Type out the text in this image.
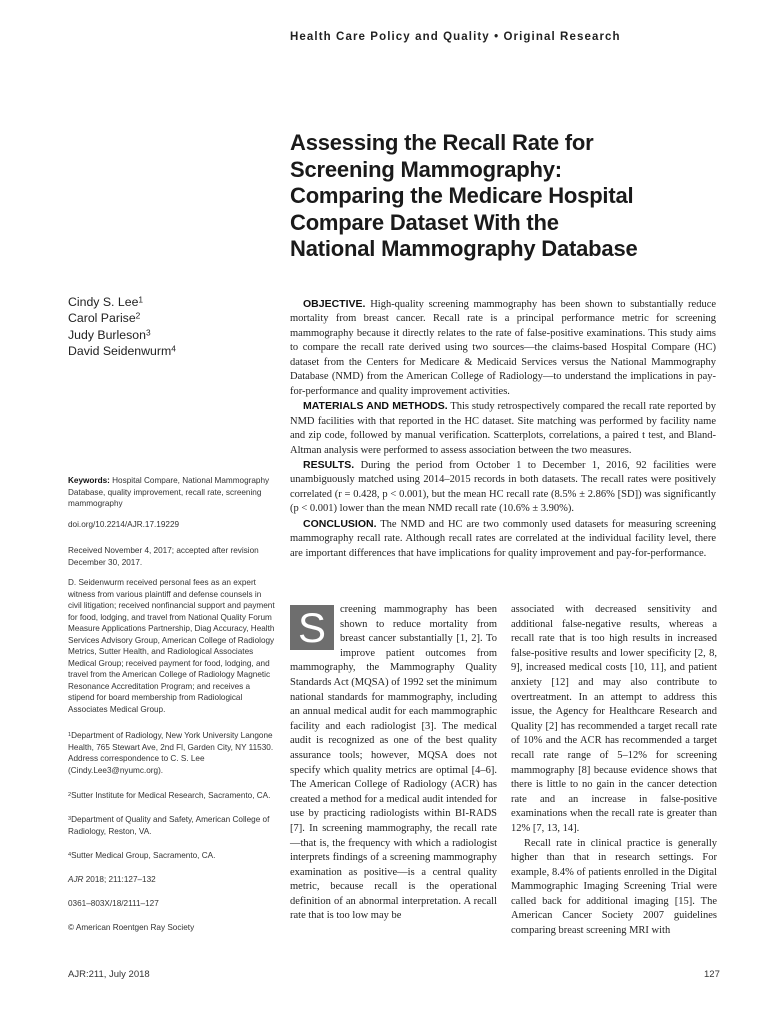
Health Care Policy and Quality • Original Research
Assessing the Recall Rate for
Screening Mammography:
Comparing the Medicare Hospital
Compare Dataset With the
National Mammography Database
Cindy S. Lee$^1$
Carol Parise$^2$
Judy Burleson$^3$
David Seidenwurm$^4$

OBJECTIVE. High-quality screening mammography has been shown to substantially reduce mortality from breast cancer. Recall rate is a principal performance metric for screening mammography because it directly relates to the rate of false-positive examinations. This study aims to compare the recall rate derived using two sources—the claims-based Hospital Compare (HC) dataset from the Centers for Medicare & Medicaid Services versus the National Mammography Database (NMD) from the American College of Radiology—to understand the implications in pay-for-performance and quality improvement activities.

MATERIALS AND METHODS. This study retrospectively compared the recall rate reported by NMD facilities with that reported in the HC dataset. Site matching was performed by facility name and zip code, followed by manual verification. Scatterplots, correlations, a paired t test, and Bland-Altman analysis were performed to assess association between the two measures.

RESULTS. During the period from October 1 to December 1, 2016, 92 facilities were unambiguously matched using 2014–2015 records in both datasets. The recall rates were positively correlated (r = 0.428, p < 0.001), but the mean HC recall rate (8.5% ± 2.86% [SD]) was significantly (p < 0.001) lower than the mean NMD recall rate (10.6% ± 3.90%).

CONCLUSION. The NMD and HC are two commonly used datasets for measuring screening mammography recall rate. Although recall rates are correlated at the individual facility level, there are important differences that have implications for quality improvement and pay-for-performance.

Keywords: Hospital Compare, National Mammography Database, quality improvement, recall rate, screening mammography

doi.org/10.2214/AJR.17.19229

Received November 4, 2017; accepted after revision December 30, 2017.

D. Seidenwurm received personal fees as an expert witness from various plaintiff and defense counsels in civil litigation; received nonfinancial support and payment for food, lodging, and travel from National Quality Forum Measure Applications Partnership, Diag Accuracy, Health Services Advisory Group, American College of Radiology Metrics, Sutter Health, and Radiological Associates Medical Group; received payment for food, lodging, and travel from the American College of Radiology Magnetic Resonance Accreditation Program; and receives a stipend for board membership from Radiological Associates Medical Group.

$^1$Department of Radiology, New York University Langone Health, 765 Stewart Ave, 2nd Fl, Garden City, NY 11530. Address correspondence to C. S. Lee (Cindy.Lee3@nyumc.org).

$^2$Sutter Institute for Medical Research, Sacramento, CA.

$^3$Department of Quality and Safety, American College of Radiology, Reston, VA.

$^4$Sutter Medical Group, Sacramento, CA.

AJR 2018; 211:127–132

0361–803X/18/2111–127

© American Roentgen Ray Society

S	creening mammography has been shown to reduce mortality from breast cancer substantially [1, 2]. To improve patient outcomes from mammography, the Mammography Quality Standards Act (MQSA) of 1992 set the minimum national standards for mammography, including an annual medical audit for each mammographic facility and each radiologist [3]. The medical audit is recognized as one of the best quality assurance tools; however, MQSA does not specify which quality metrics are optimal [4–6]. The American College of Radiology (ACR) has created a method for a medical audit intended for use by practicing radiologists within BI-RADS [7]. In screening mammography, the recall rate—that is, the frequency with which a radiologist interprets findings of a screening mammography examination as positive—is a central quality metric, because recall is the operational definition of an abnormal interpretation. A recall rate that is too low may be

associated with decreased sensitivity and additional false-negative results, whereas a recall rate that is too high results in increased false-positive results and lower specificity [2, 8, 9], increased medical costs [10, 11], and patient anxiety [12] and may also contribute to overtreatment. In an attempt to address this issue, the Agency for Healthcare Research and Quality [2] has recommended a target recall rate of 10% and the ACR has recommended a target recall rate range of 5–12% for screening mammography [8] because evidence shows that there is little to no gain in the cancer detection rate and an increase in false-positive examinations when the recall rate is greater than 12% [7, 13, 14].

Recall rate in clinical practice is generally higher than that in research settings. For example, 8.4% of patients enrolled in the Digital Mammographic Imaging Screening Trial were called back for additional imaging [15]. The American Cancer Society 2007 guidelines comparing breast screening MRI with

AJR:211, July 2018	127
